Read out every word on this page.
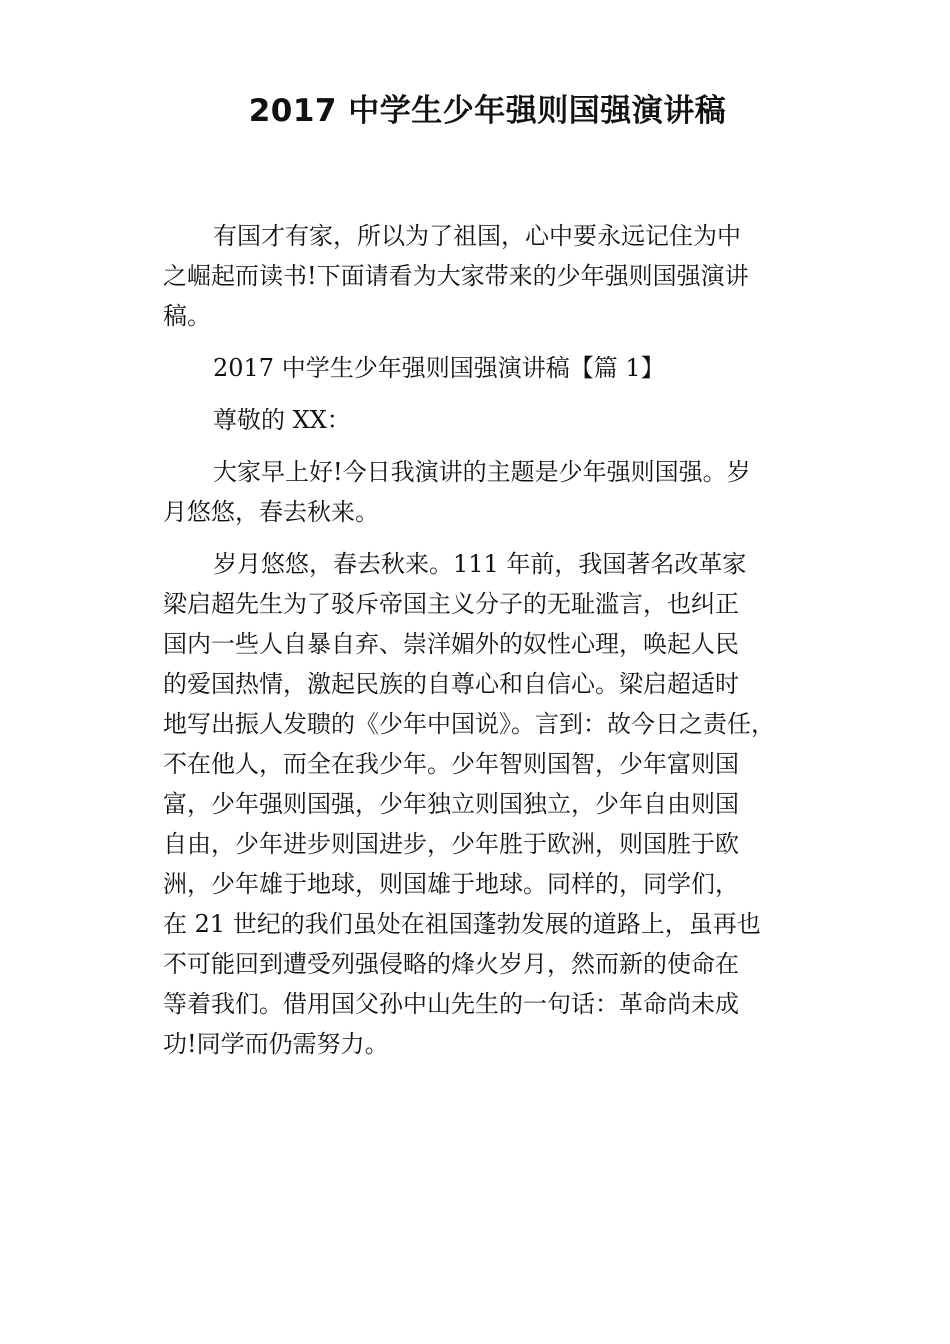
2017 中学生少年强则国强演讲稿
有国才有家，所以为了祖国，心中要永远记住为中
之崛起而读书!下面请看为大家带来的少年强则国强演讲
稿。
2017 中学生少年强则国强演讲稿【篇 1】
尊敬的 XX：
大家早上好!今日我演讲的主题是少年强则国强。岁
月悠悠，春去秋来。
岁月悠悠，春去秋来。111 年前，我国著名改革家
梁启超先生为了驳斥帝国主义分子的无耻滥言，也纠正
国内一些人自暴自弃、崇洋媚外的奴性心理，唤起人民
的爱国热情，激起民族的自尊心和自信心。梁启超适时
地写出振人发聩的《少年中国说》。言到：故今日之责任，
不在他人，而全在我少年。少年智则国智，少年富则国
富，少年强则国强，少年独立则国独立，少年自由则国
自由，少年进步则国进步，少年胜于欧洲，则国胜于欧
洲，少年雄于地球，则国雄于地球。同样的，同学们，
在 21 世纪的我们虽处在祖国蓬勃发展的道路上，虽再也
不可能回到遭受列强侵略的烽火岁月，然而新的使命在
等着我们。借用国父孙中山先生的一句话：革命尚未成
功!同学而仍需努力。
